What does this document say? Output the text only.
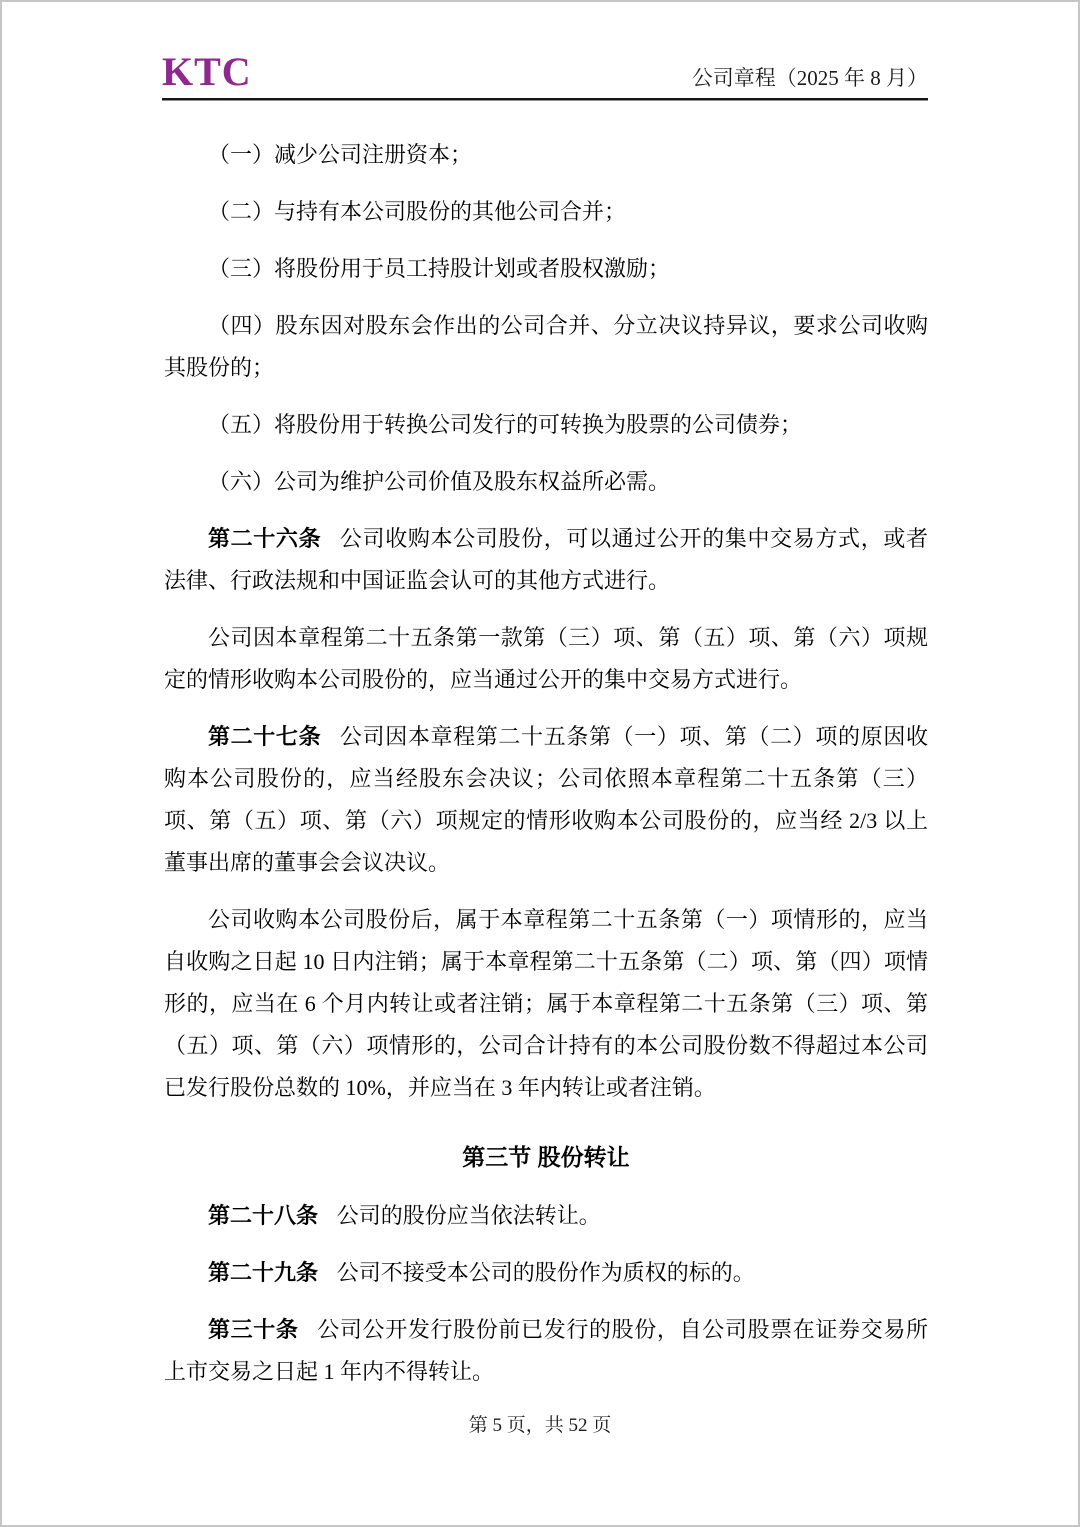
KTC	公司章程（2025 年 8 月）

（一）减少公司注册资本；

（二）与持有本公司股份的其他公司合并；

（三）将股份用于员工持股计划或者股权激励；

（四）股东因对股东会作出的公司合并、分立决议持异议，要求公司收购其股份的；

（五）将股份用于转换公司发行的可转换为股票的公司债券；

（六）公司为维护公司价值及股东权益所必需。

第二十六条 公司收购本公司股份，可以通过公开的集中交易方式，或者法律、行政法规和中国证监会认可的其他方式进行。

公司因本章程第二十五条第一款第（三）项、第（五）项、第（六）项规定的情形收购本公司股份的，应当通过公开的集中交易方式进行。

第二十七条 公司因本章程第二十五条第（一）项、第（二）项的原因收购本公司股份的，应当经股东会决议；公司依照本章程第二十五条第（三）项、第（五）项、第（六）项规定的情形收购本公司股份的，应当经 2/3 以上董事出席的董事会会议决议。

公司收购本公司股份后，属于本章程第二十五条第（一）项情形的，应当自收购之日起 10 日内注销；属于本章程第二十五条第（二）项、第（四）项情形的，应当在 6 个月内转让或者注销；属于本章程第二十五条第（三）项、第（五）项、第（六）项情形的，公司合计持有的本公司股份数不得超过本公司已发行股份总数的 10%，并应当在 3 年内转让或者注销。

第三节 股份转让

第二十八条 公司的股份应当依法转让。

第二十九条 公司不接受本公司的股份作为质权的标的。

第三十条 公司公开发行股份前已发行的股份，自公司股票在证券交易所上市交易之日起 1 年内不得转让。

第 5 页，共 52 页
